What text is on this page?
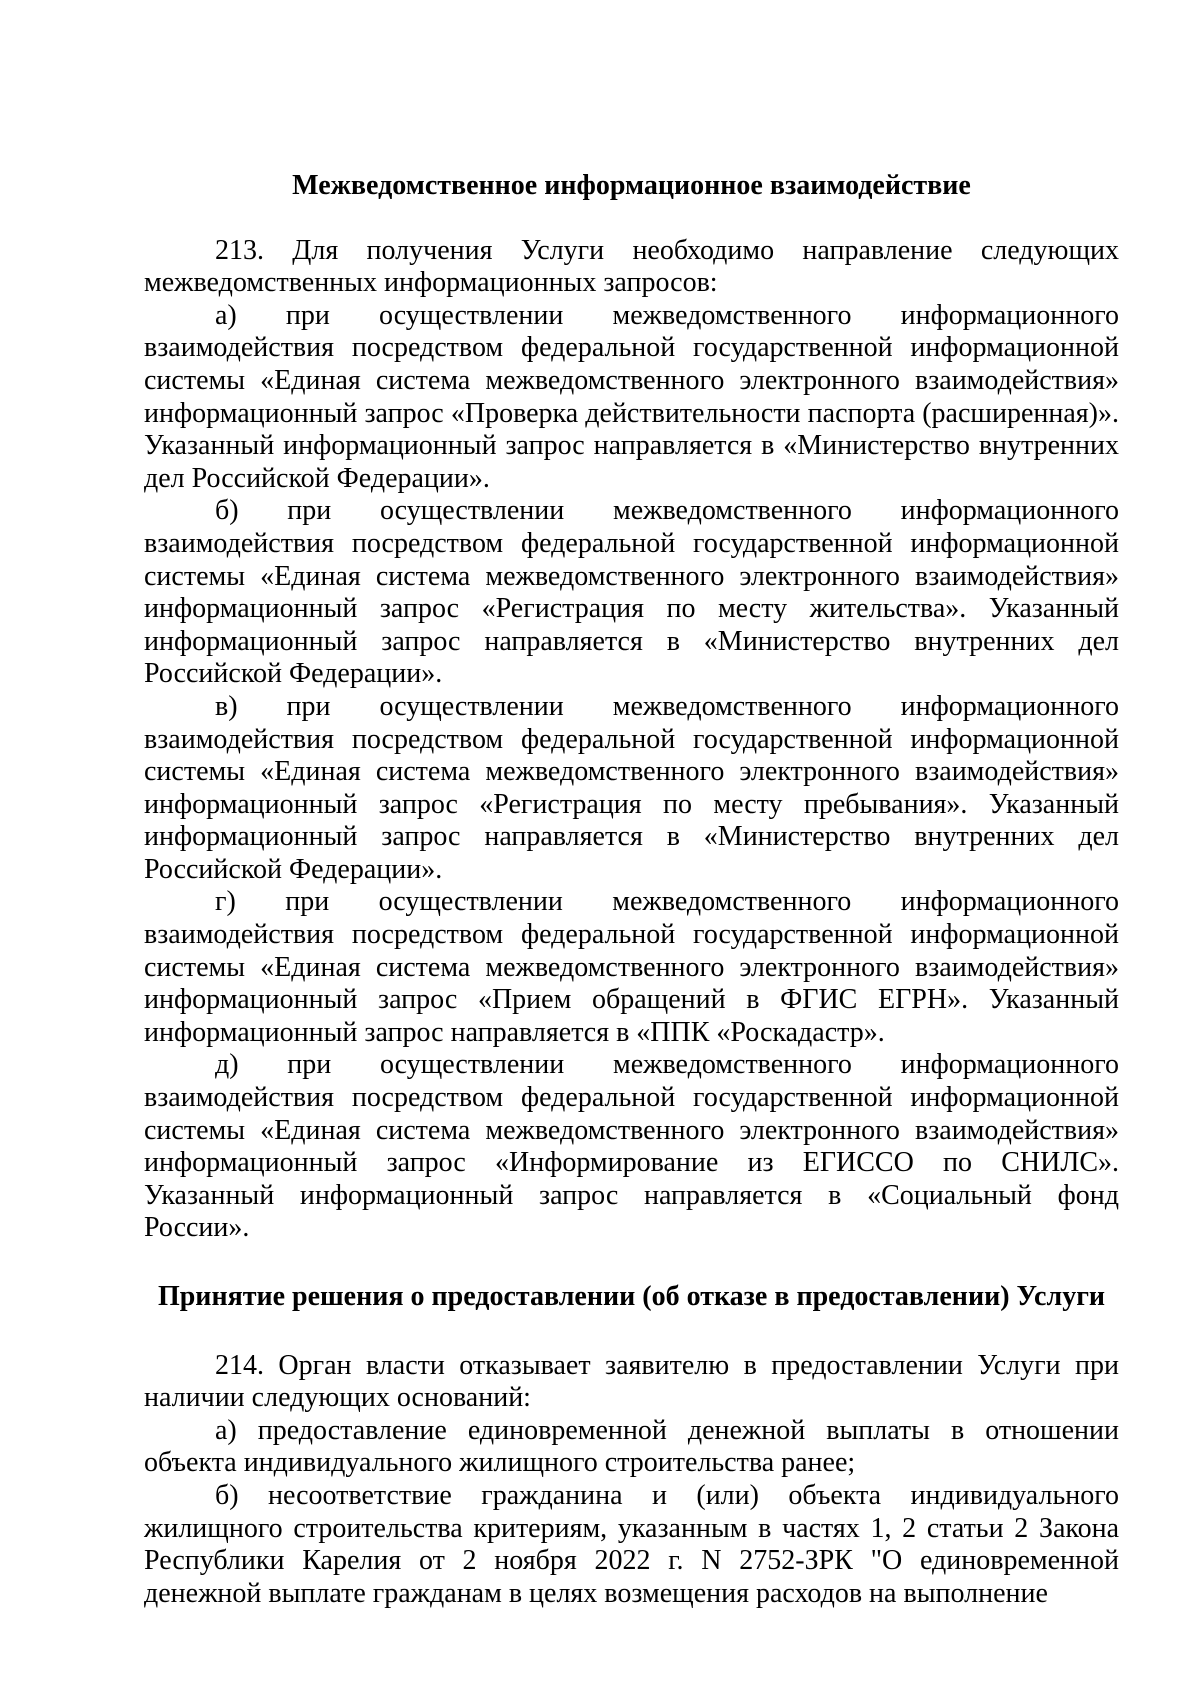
Межведомственное информационное взаимодействие

213. Для получения Услуги необходимо направление следующих межведомственных информационных запросов:

а) при осуществлении межведомственного информационного взаимодействия посредством федеральной государственной информационной системы «Единая система межведомственного электронного взаимодействия» информационный запрос «Проверка действительности паспорта (расширенная)». Указанный информационный запрос направляется в «Министерство внутренних дел Российской Федерации».

б) при осуществлении межведомственного информационного взаимодействия посредством федеральной государственной информационной системы «Единая система межведомственного электронного взаимодействия» информационный запрос «Регистрация по месту жительства». Указанный информационный запрос направляется в «Министерство внутренних дел Российской Федерации».

в) при осуществлении межведомственного информационного взаимодействия посредством федеральной государственной информационной системы «Единая система межведомственного электронного взаимодействия» информационный запрос «Регистрация по месту пребывания». Указанный информационный запрос направляется в «Министерство внутренних дел Российской Федерации».

г) при осуществлении межведомственного информационного взаимодействия посредством федеральной государственной информационной системы «Единая система межведомственного электронного взаимодействия» информационный запрос «Прием обращений в ФГИС ЕГРН». Указанный информационный запрос направляется в «ППК «Роскадастр».

д) при осуществлении межведомственного информационного взаимодействия посредством федеральной государственной информационной системы «Единая система межведомственного электронного взаимодействия» информационный запрос «Информирование из ЕГИССО по СНИЛС». Указанный информационный запрос направляется в «Социальный фонд России».

Принятие решения о предоставлении (об отказе в предоставлении) Услуги

214. Орган власти отказывает заявителю в предоставлении Услуги при наличии следующих оснований:

а) предоставление единовременной денежной выплаты в отношении объекта индивидуального жилищного строительства ранее;

б) несоответствие гражданина и (или) объекта индивидуального жилищного строительства критериям, указанным в частях 1, 2 статьи 2 Закона Республики Карелия от 2 ноября 2022 г. N 2752-ЗРК "О единовременной денежной выплате гражданам в целях возмещения расходов на выполнение
